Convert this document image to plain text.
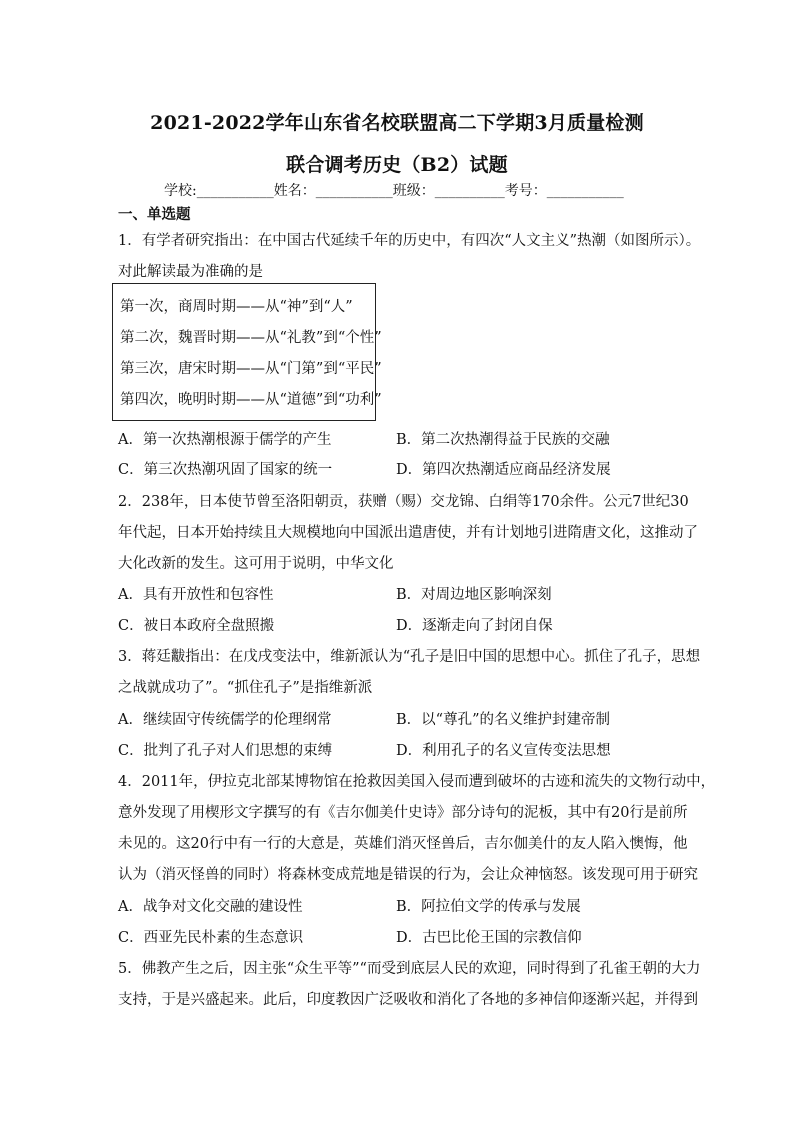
2021-2022学年山东省名校联盟高二下学期3月质量检测
联合调考历史（B2）试题
学校:___________姓名：___________班级：__________考号：___________
一、单选题
1．有学者研究指出：在中国古代延续千年的历史中，有四次“人文主义”热潮（如图所示）。
对此解读最为准确的是
第一次，商周时期——从“神”到“人”
第二次，魏晋时期——从“礼教”到“个性”
第三次，唐宋时期——从“门第”到“平民”
第四次，晚明时期——从“道德”到“功利”
A．第一次热潮根源于儒学的产生	B．第二次热潮得益于民族的交融
C．第三次热潮巩固了国家的统一	D．第四次热潮适应商品经济发展
2．238年，日本使节曾至洛阳朝贡，获赠（赐）交龙锦、白绢等170余件。公元7世纪30
年代起，日本开始持续且大规模地向中国派出遣唐使，并有计划地引进隋唐文化，这推动了
大化改新的发生。这可用于说明，中华文化
A．具有开放性和包容性	B．对周边地区影响深刻
C．被日本政府全盘照搬	D．逐渐走向了封闭自保
3．蒋廷黻指出：在戊戌变法中，维新派认为“孔子是旧中国的思想中心。抓住了孔子，思想
之战就成功了”。“抓住孔子”是指维新派
A．继续固守传统儒学的伦理纲常	B．以“尊孔”的名义维护封建帝制
C．批判了孔子对人们思想的束缚	D．利用孔子的名义宣传变法思想
4．2011年，伊拉克北部某博物馆在抢救因美国入侵而遭到破坏的古迹和流失的文物行动中，
意外发现了用楔形文字撰写的有《吉尔伽美什史诗》部分诗句的泥板，其中有20行是前所
未见的。这20行中有一行的大意是，英雄们消灭怪兽后，吉尔伽美什的友人陷入懊悔，他
认为（消灭怪兽的同时）将森林变成荒地是错误的行为，会让众神恼怒。该发现可用于研究
A．战争对文化交融的建设性	B．阿拉伯文学的传承与发展
C．西亚先民朴素的生态意识	D．古巴比伦王国的宗教信仰
5．佛教产生之后，因主张“众生平等”“而受到底层人民的欢迎，同时得到了孔雀王朝的大力
支持，于是兴盛起来。此后，印度教因广泛吸收和消化了各地的多神信仰逐渐兴起，并得到
